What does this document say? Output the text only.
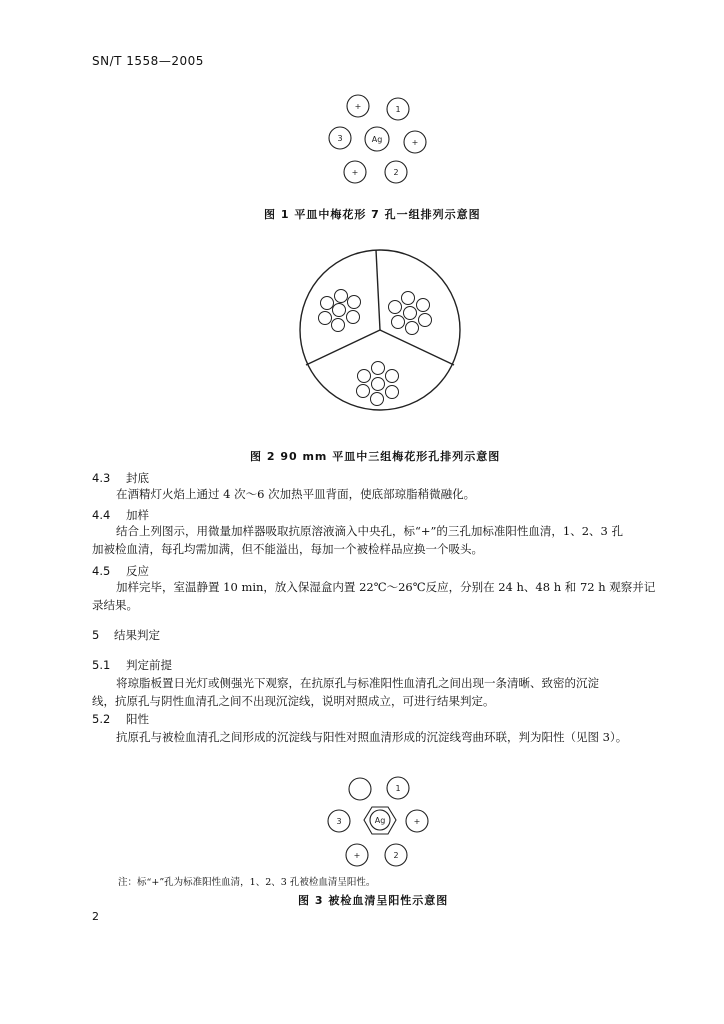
SN/T 1558—2005
Ag
+	1
+
2
+
3
图 1 平皿中梅花形 7 孔一组排列示意图
图 2 90 mm 平皿中三组梅花形孔排列示意图
4.3 封底
在酒精灯火焰上通过 4 次～6 次加热平皿背面，使底部琼脂稍微融化。
4.4 加样
结合上列图示，用微量加样器吸取抗原溶液滴入中央孔，标“+”的三孔加标准阳性血清，1、2、3 孔
加被检血清，每孔均需加满，但不能溢出，每加一个被检样品应换一个吸头。
4.5 反应
加样完毕，室温静置 10 min，放入保湿盒内置 22℃～26℃反应，分别在 24 h、48 h 和 72 h 观察并记
录结果。
5 结果判定
5.1 判定前提
将琼脂板置日光灯或侧强光下观察，在抗原孔与标准阳性血清孔之间出现一条清晰、致密的沉淀
线，抗原孔与阴性血清孔之间不出现沉淀线，说明对照成立，可进行结果判定。
5.2 阳性
抗原孔与被检血清孔之间形成的沉淀线与阳性对照血清形成的沉淀线弯曲环联，判为阳性（见图 3）。
Ag
1
+
2
+
3
注：标“+”孔为标准阳性血清，1、2、3 孔被检血清呈阳性。
图 3 被检血清呈阳性示意图
2
